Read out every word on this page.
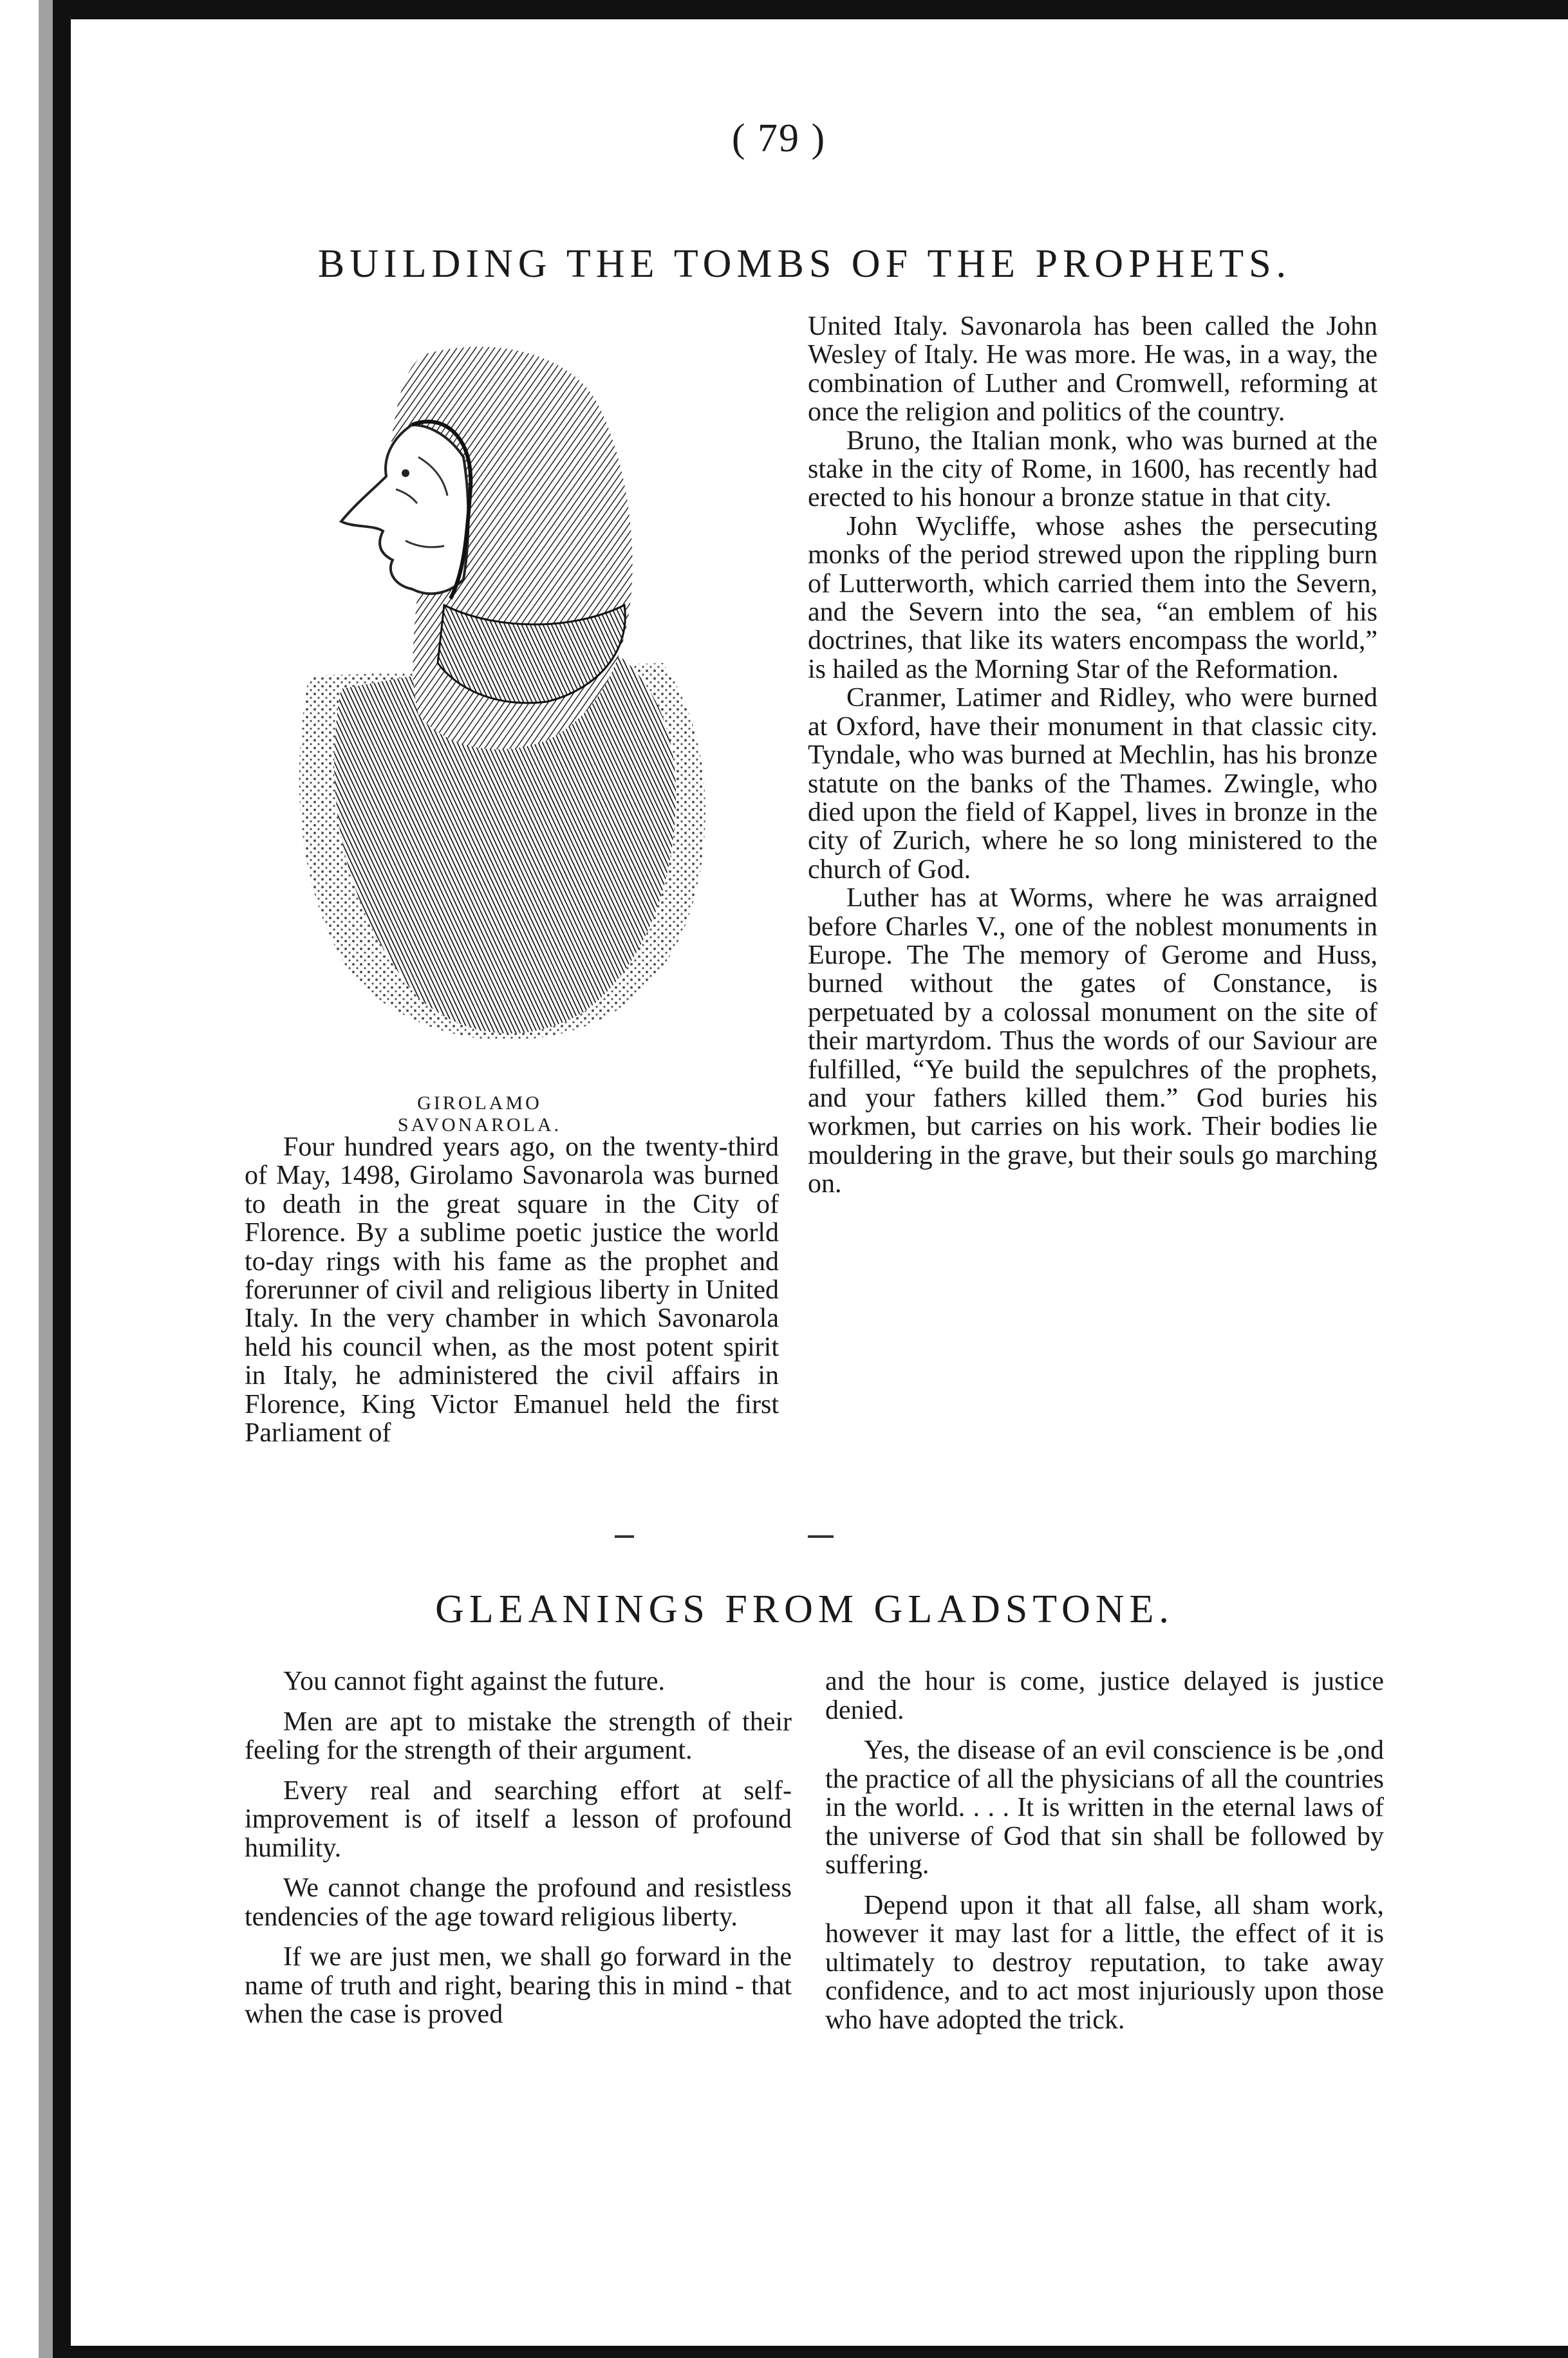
( 79 )
BUILDING THE TOMBS OF THE PROPHETS.
GIROLAMO SAVONAROLA.

Four hundred years ago, on the twenty-third of May, 1498, Girolamo Savonarola was burned to death in the great square in the City of Florence. By a sublime poetic justice the world to-day rings with his fame as the prophet and forerunner of civil and religious liberty in United Italy. In the very chamber in which Savonarola held his council when, as the most potent spirit in Italy, he administered the civil affairs in Florence, King Victor Emanuel held the first Parliament of

United Italy. Savonarola has been called the John Wesley of Italy. He was more. He was, in a way, the combination of Luther and Cromwell, reforming at once the religion and politics of the country.

Bruno, the Italian monk, who was burned at the stake in the city of Rome, in 1600, has recently had erected to his honour a bronze statue in that city.

John Wycliffe, whose ashes the persecuting monks of the period strewed upon the rippling burn of Lutterworth, which carried them into the Severn, and the Severn into the sea, “an emblem of his doctrines, that like its waters encompass the world,” is hailed as the Morning Star of the Reformation.

Cranmer, Latimer and Ridley, who were burned at Oxford, have their monument in that classic city. Tyndale, who was burned at Mechlin, has his bronze statute on the banks of the Thames. Zwingle, who died upon the field of Kappel, lives in bronze in the city of Zurich, where he so long ministered to the church of God.

Luther has at Worms, where he was arraigned before Charles V., one of the noblest monuments in Europe. The The memory of Gerome and Huss, burned without the gates of Constance, is perpetuated by a colossal monument on the site of their martyrdom. Thus the words of our Saviour are fulfilled, “Ye build the sepulchres of the prophets, and your fathers killed them.” God buries his workmen, but carries on his work. Their bodies lie mouldering in the grave, but their souls go marching on.

GLEANINGS FROM GLADSTONE.

You cannot fight against the future.

Men are apt to mistake the strength of their feeling for the strength of their argument.

Every real and searching effort at self-improvement is of itself a lesson of profound humility.

We cannot change the profound and resistless tendencies of the age toward religious liberty.

If we are just men, we shall go forward in the name of truth and right, bearing this in mind - that when the case is proved

and the hour is come, justice delayed is justice denied.

Yes, the disease of an evil conscience is be ,ond the practice of all the physicians of all the countries in the world. . . . It is written in the eternal laws of the universe of God that sin shall be followed by suffering.

Depend upon it that all false, all sham work, however it may last for a little, the effect of it is ultimately to destroy reputation, to take away confidence, and to act most injuriously upon those who have adopted the trick.
